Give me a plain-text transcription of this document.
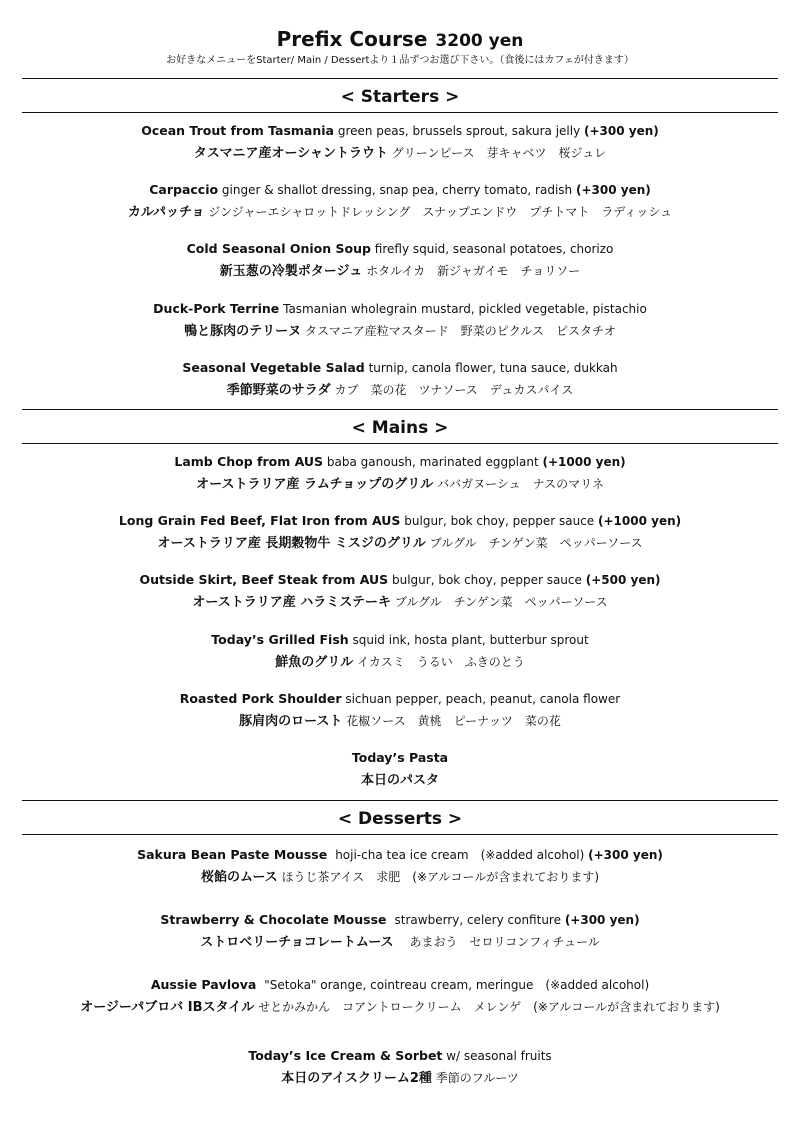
Prefix Course 3200 yen
お好きなメニューをStarter/ Main / Dessertより１品ずつお選び下さい。（食後にはカフェが付きます）
< Starters >
Ocean Trout from Tasmania green peas, brussels sprout, sakura jelly (+300 yen)
タスマニア産オーシャントラウト グリーンピース　芽キャベツ　桜ジュレ
Carpaccio ginger & shallot dressing, snap pea, cherry tomato, radish (+300 yen)
カルパッチョ ジンジャーエシャロットドレッシング　スナップエンドウ　プチトマト　ラディッシュ
Cold Seasonal Onion Soup firefly squid, seasonal potatoes, chorizo
新玉葱の冷製ポタージュ ホタルイカ　新ジャガイモ　チョリソー
Duck-Pork Terrine Tasmanian wholegrain mustard, pickled vegetable, pistachio
鴨と豚肉のテリーヌ タスマニア産粒マスタード　野菜のピクルス　ピスタチオ
Seasonal Vegetable Salad turnip, canola flower, tuna sauce, dukkah
季節野菜のサラダ カブ　菜の花　ツナソース　デュカスパイス
< Mains >
Lamb Chop from AUS baba ganoush, marinated eggplant (+1000 yen)
オーストラリア産 ラムチョップのグリル ババガヌーシュ　ナスのマリネ
Long Grain Fed Beef, Flat Iron from AUS bulgur, bok choy, pepper sauce (+1000 yen)
オーストラリア産 長期穀物牛 ミスジのグリル ブルグル　チンゲン菜　ペッパーソース
Outside Skirt, Beef Steak from AUS bulgur, bok choy, pepper sauce (+500 yen)
オーストラリア産 ハラミステーキ ブルグル　チンゲン菜　ペッパーソース
Today’s Grilled Fish squid ink, hosta plant, butterbur sprout
鮮魚のグリル イカスミ　うるい　ふきのとう
Roasted Pork Shoulder sichuan pepper, peach, peanut, canola flower
豚肩肉のロースト 花椒ソース　黄桃　ピーナッツ　菜の花
Today’s Pasta
本日のパスタ
< Desserts >
Sakura Bean Paste Mousse hoji-cha tea ice cream　(※added alcohol) (+300 yen)
桜餡のムース ほうじ茶アイス　求肥　(※アルコールが含まれております)
Strawberry & Chocolate Mousse strawberry, celery confiture (+300 yen)
ストロベリーチョコレートムース あまおう　セロリコンフィチュール
Aussie Pavlova "Setoka" orange, cointreau cream, meringue　(※added alcohol)
オージーパブロバ IBスタイル せとかみかん　コアントロークリーム　メレンゲ　(※アルコールが含まれております)
Today’s Ice Cream & Sorbet w/ seasonal fruits
本日のアイスクリーム2種 季節のフルーツ
